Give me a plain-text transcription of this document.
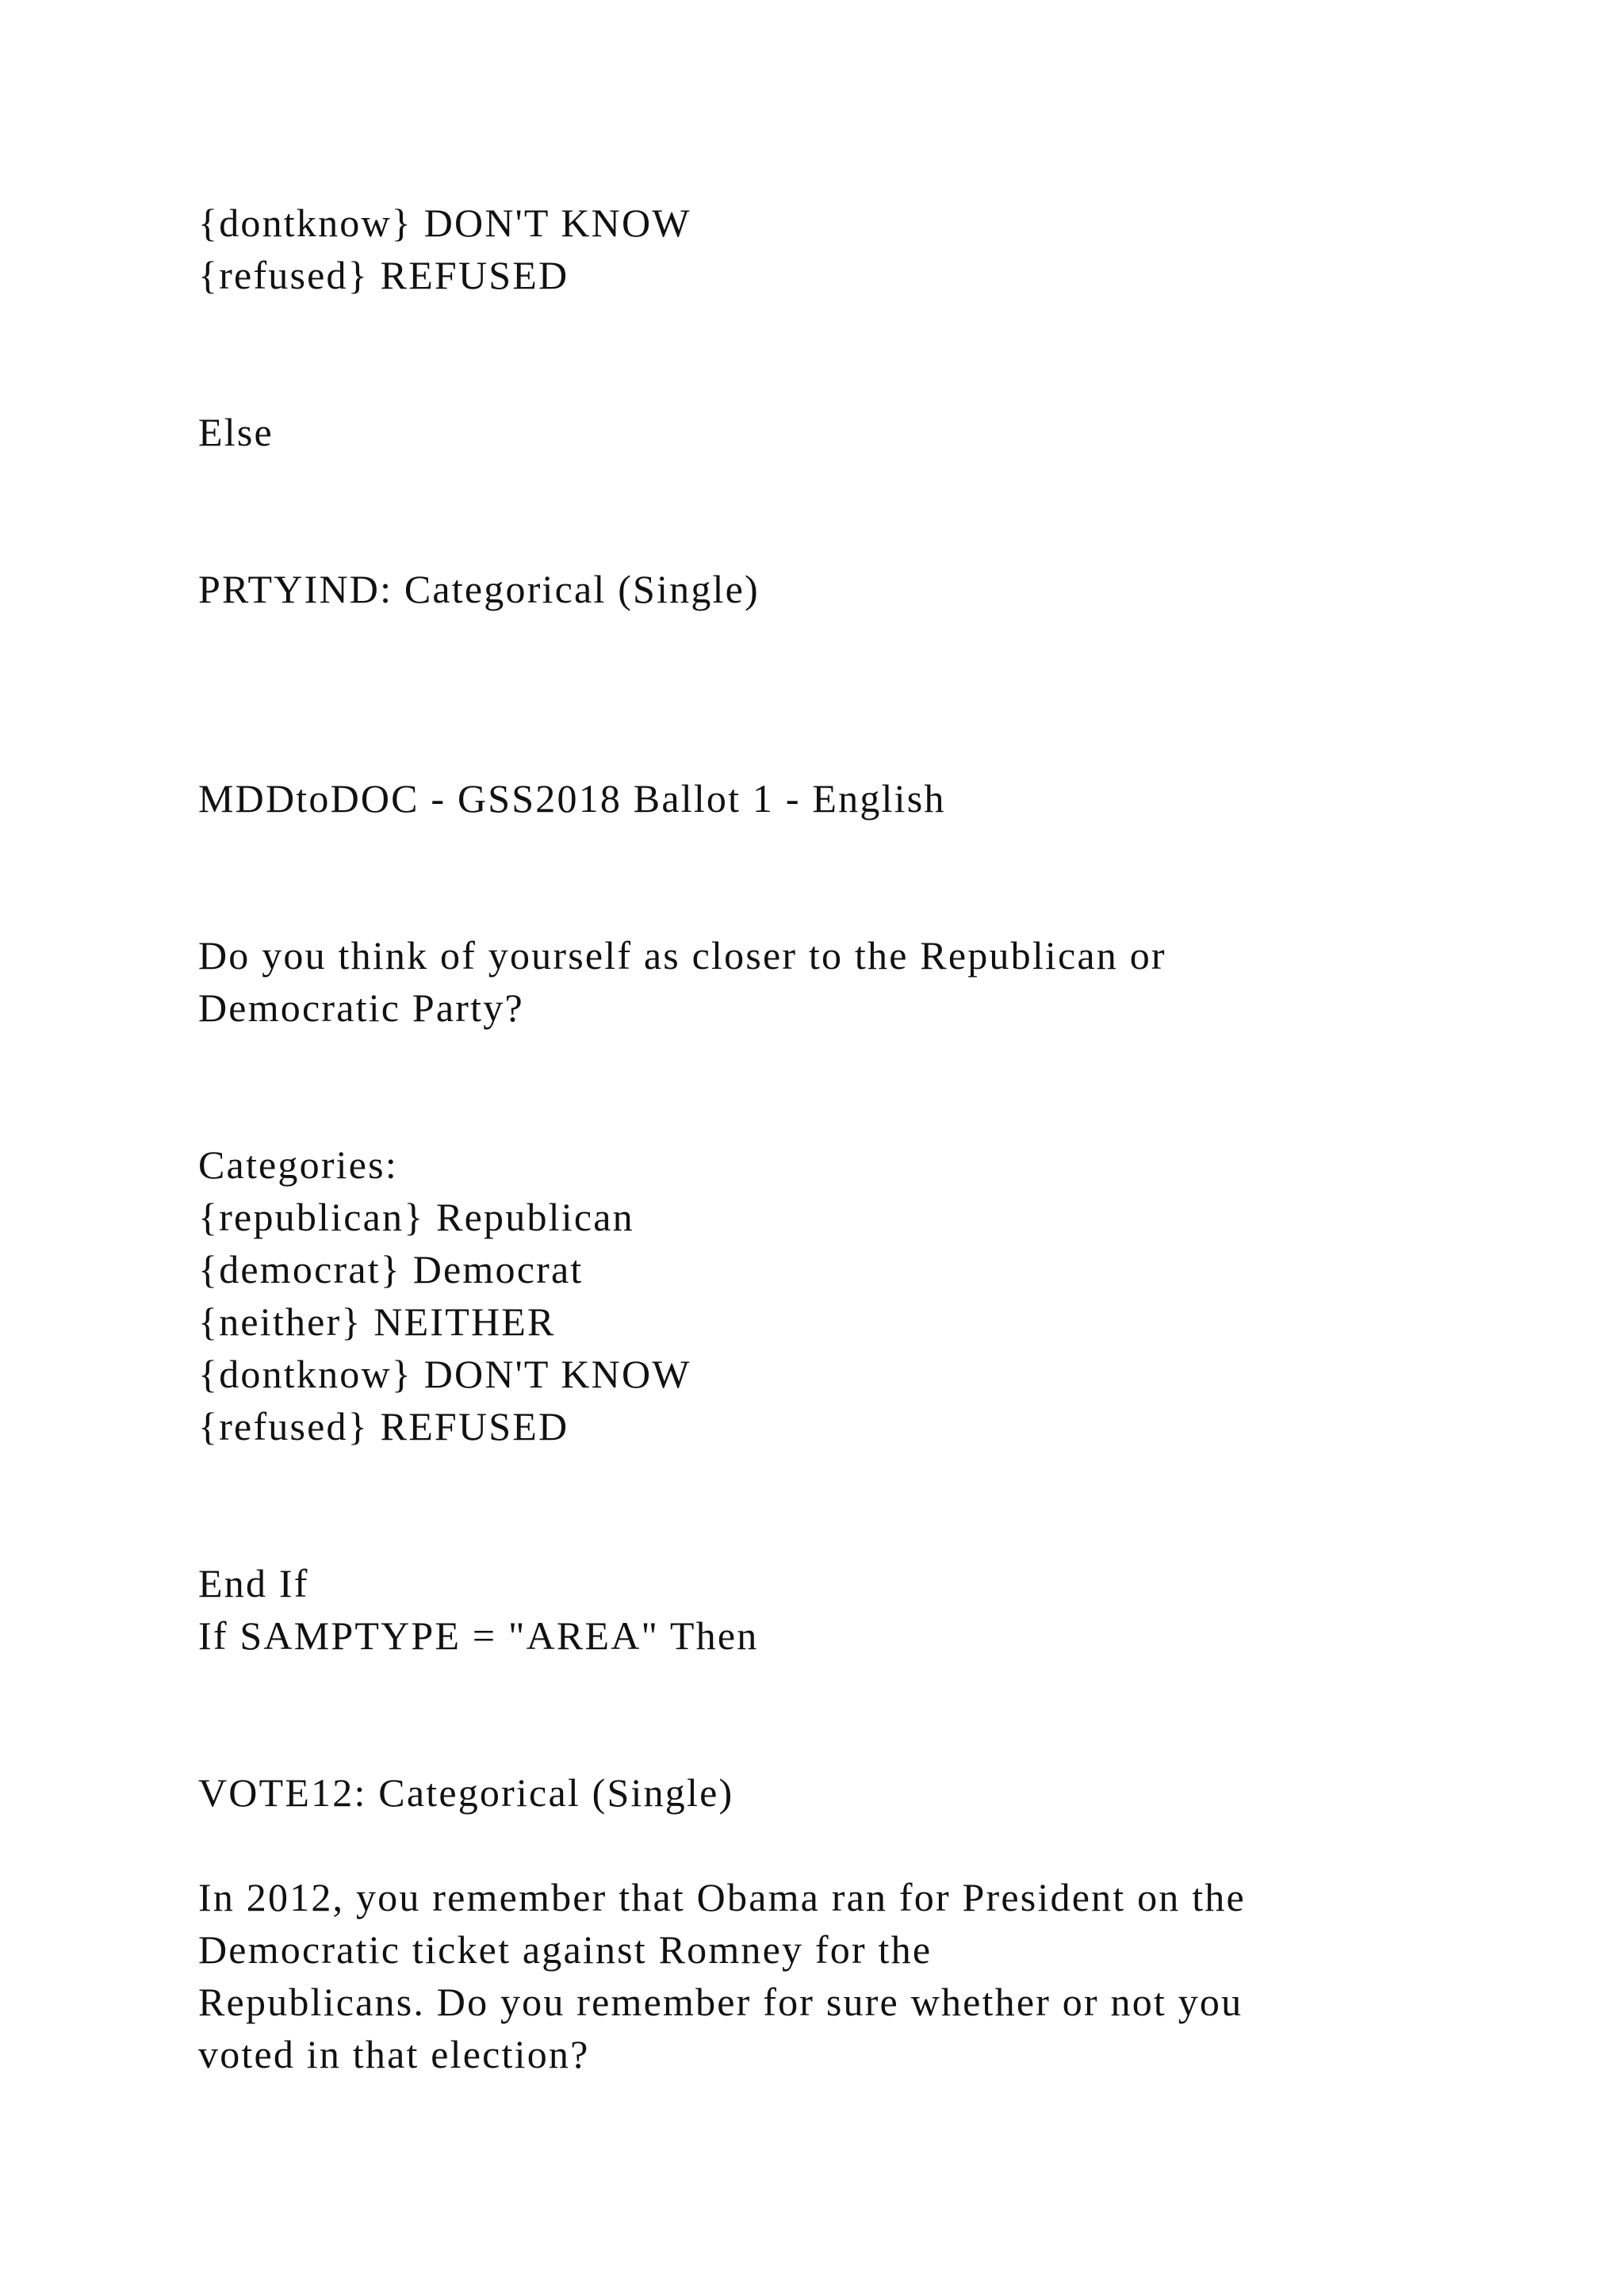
{dontknow} DON'T KNOW

{refused} REFUSED

Else

PRTYIND: Categorical (Single)

MDDtoDOC - GSS2018 Ballot 1 - English

Do you think of yourself as closer to the Republican or

Democratic Party?

Categories:

{republican} Republican

{democrat} Democrat

{neither} NEITHER

{dontknow} DON'T KNOW

{refused} REFUSED

End If

If SAMPTYPE = "AREA" Then

VOTE12: Categorical (Single)

In 2012, you remember that Obama ran for President on the

Democratic ticket against Romney for the

Republicans. Do you remember for sure whether or not you

voted in that election?
